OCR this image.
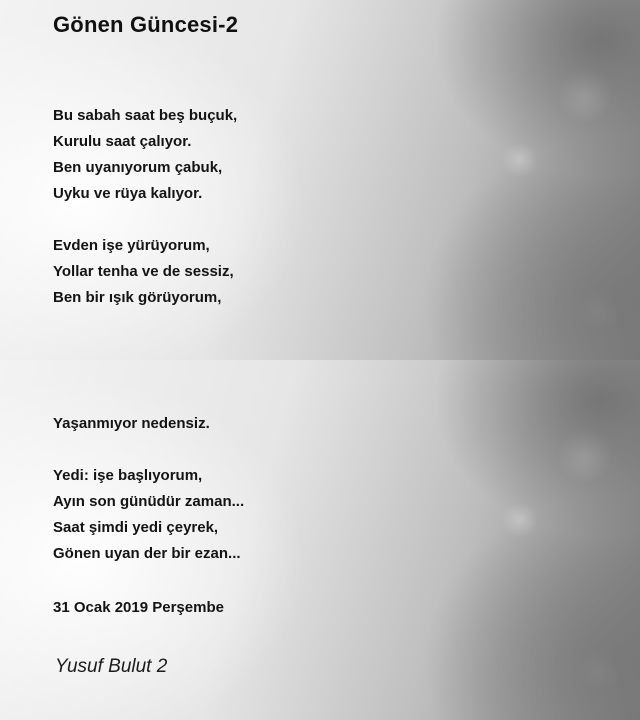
Gönen Güncesi-2

Bu sabah saat beş buçuk,
Kurulu saat çalıyor.
Ben uyanıyorum çabuk,
Uyku ve rüya kalıyor.

Evden işe yürüyorum,
Yollar tenha ve de sessiz,
Ben bir ışık görüyorum,

Yaşanmıyor nedensiz.

Yedi: işe başlıyorum,
Ayın son günüdür zaman...
Saat şimdi yedi çeyrek,
Gönen uyan der bir ezan...

31 Ocak 2019 Perşembe

Yusuf Bulut 2
